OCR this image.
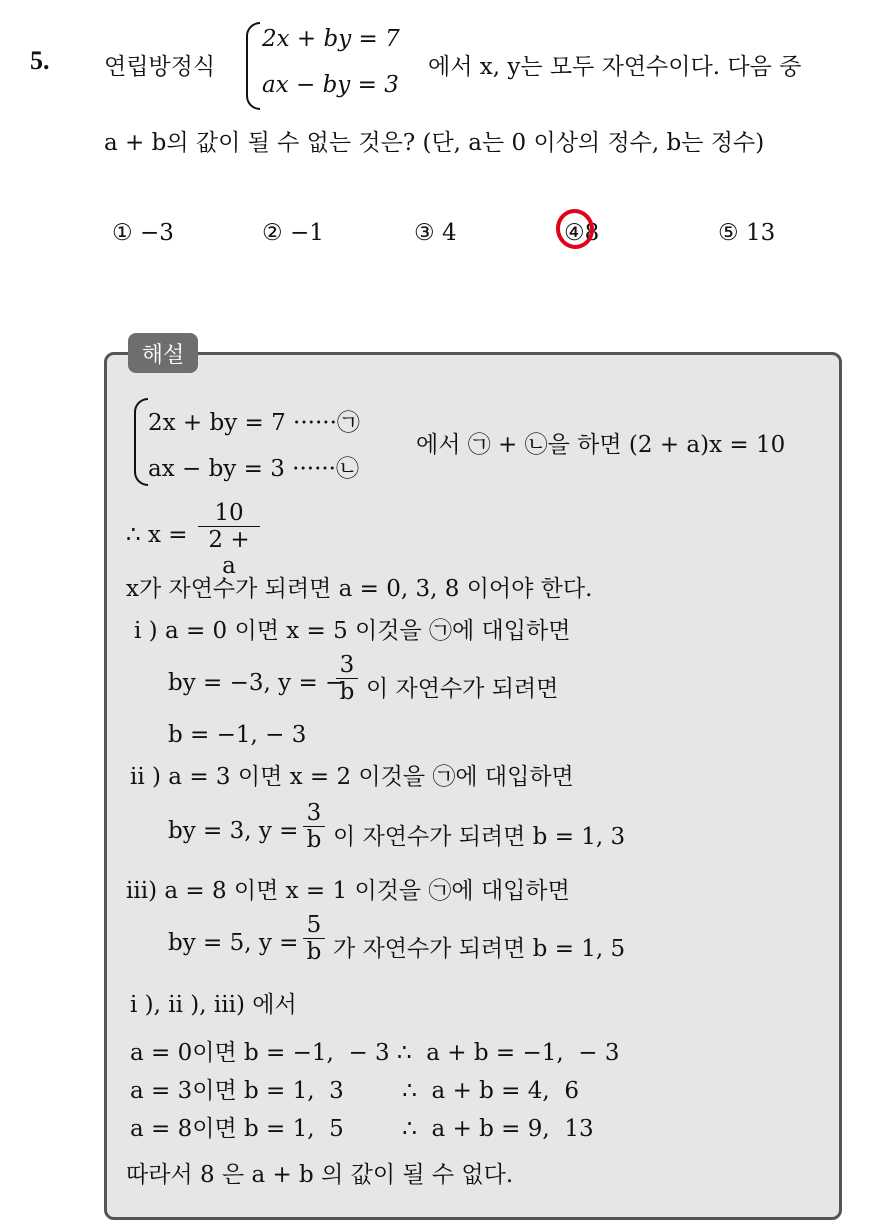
5. 연립방정식
2x + by = 7
ax − by = 3
에서 x, y는 모두 자연수이다. 다음 중
a + b의 값이 될 수 없는 것은? (단, a는 0 이상의 정수, b는 정수)
① −3	② −1	③ 4	④8	⑤ 13
해설
2x + by = 7 ······㉠
ax − by = 3 ······㉡
에서 ㉠ + ㉡을 하면 (2 + a)x = 10
∴ $x = \frac{10}{2 + a}$
x가 자연수가 되려면 a = 0, 3, 8 이어야 한다.
i ) a = 0 이면 x = 5 이것을 ㉠에 대입하면
by = −3, y = −
$\frac{3}{b}$ 이 자연수가 되려면
b = −1, − 3
ii ) a = 3 이면 x = 2 이것을 ㉠에 대입하면
by = 3, $y = \frac{3}{b}$ 이 자연수가 되려면 b = 1, 3
iii) a = 8 이면 x = 1 이것을 ㉠에 대입하면
by = 5, $y = \frac{5}{b}$ 가 자연수가 되려면 b = 1, 5
i ), ii ), iii) 에서
a = 0이면 b = −1,  − 3 ∴  a + b = −1,  − 3
a = 3이면 b = 1,  3        ∴  a + b = 4,  6
a = 8이면 b = 1,  5        ∴  a + b = 9,  13
따라서 8 은 a + b 의 값이 될 수 없다.
